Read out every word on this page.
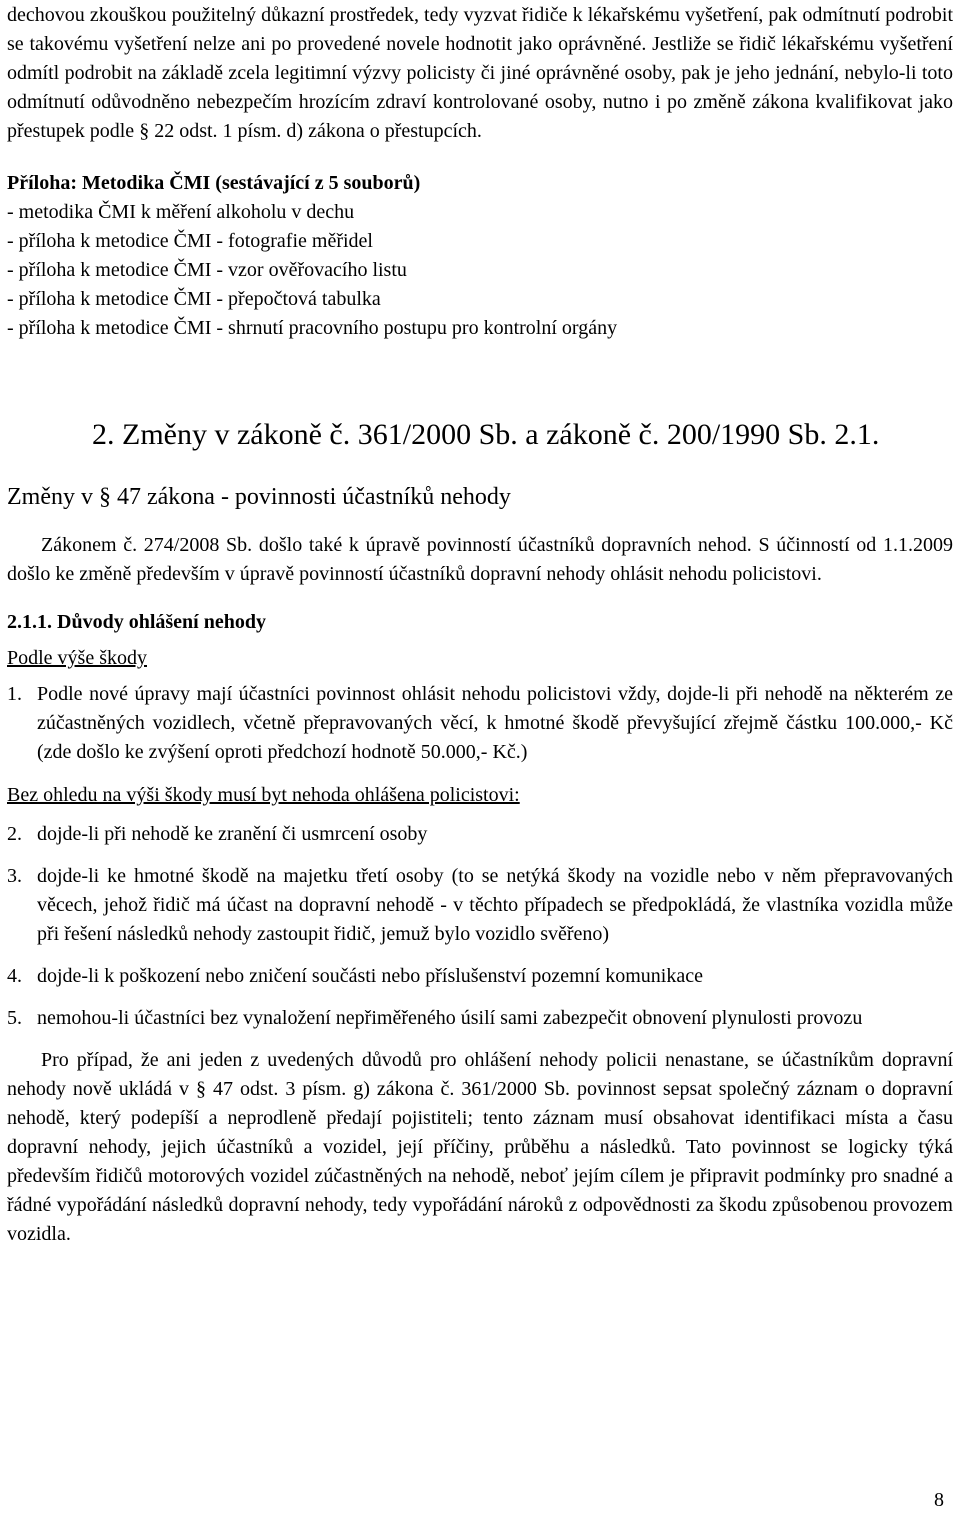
dechovou zkouškou použitelný důkazní prostředek, tedy vyzvat řidiče k lékařskému vyšetření, pak odmítnutí podrobit se takovému vyšetření nelze ani po provedené novele hodnotit jako oprávněné. Jestliže se řidič lékařskému vyšetření odmítl podrobit na základě zcela legitimní výzvy policisty či jiné oprávněné osoby, pak je jeho jednání, nebylo-li toto odmítnutí odůvodněno nebezpečím hrozícím zdraví kontrolované osoby, nutno i po změně zákona kvalifikovat jako přestupek podle § 22 odst. 1 písm. d) zákona o přestupcích.

Příloha: Metodika ČMI (sestávající z 5 souborů)

- metodika ČMI k měření alkoholu v dechu
- příloha k metodice ČMI - fotografie měřidel
- příloha k metodice ČMI - vzor ověřovacího listu
- příloha k metodice ČMI - přepočtová tabulka
- příloha k metodice ČMI - shrnutí pracovního postupu pro kontrolní orgány
2. Změny v zákoně č. 361/2000 Sb. a zákoně č. 200/1990 Sb. 2.1.
Změny v § 47 zákona - povinnosti účastníků nehody

Zákonem č. 274/2008 Sb. došlo také k úpravě povinností účastníků dopravních nehod. S účinností od 1.1.2009 došlo ke změně především v úpravě povinností účastníků dopravní nehody ohlásit nehodu policistovi.

2.1.1. Důvody ohlášení nehody

Podle výše škody

1. Podle nové úpravy mají účastníci povinnost ohlásit nehodu policistovi vždy, dojde-li při nehodě na některém ze zúčastněných vozidlech, včetně přepravovaných věcí, k hmotné škodě převyšující zřejmě částku 100.000,- Kč (zde došlo ke zvýšení oproti předchozí hodnotě 50.000,- Kč.)

Bez ohledu na výši škody musí byt nehoda ohlášena policistovi:

2. dojde-li při nehodě ke zranění či usmrcení osoby
3. dojde-li ke hmotné škodě na majetku třetí osoby (to se netýká škody na vozidle nebo v něm přepravovaných věcech, jehož řidič má účast na dopravní nehodě - v těchto případech se předpokládá, že vlastníka vozidla může při řešení následků nehody zastoupit řidič, jemuž bylo vozidlo svěřeno)
4. dojde-li k poškození nebo zničení součásti nebo příslušenství pozemní komunikace
5. nemohou-li účastníci bez vynaložení nepřiměřeného úsilí sami zabezpečit obnovení plynulosti provozu

Pro případ, že ani jeden z uvedených důvodů pro ohlášení nehody policii nenastane, se účastníkům dopravní nehody nově ukládá v § 47 odst. 3 písm. g) zákona č. 361/2000 Sb. povinnost sepsat společný záznam o dopravní nehodě, který podepíší a neprodleně předají pojistiteli; tento záznam musí obsahovat identifikaci místa a času dopravní nehody, jejich účastníků a vozidel, její příčiny, průběhu a následků. Tato povinnost se logicky týká především řidičů motorových vozidel zúčastněných na nehodě, neboť jejím cílem je připravit podmínky pro snadné a řádné vypořádání následků dopravní nehody, tedy vypořádání nároků z odpovědnosti za škodu způsobenou provozem vozidla.

8
